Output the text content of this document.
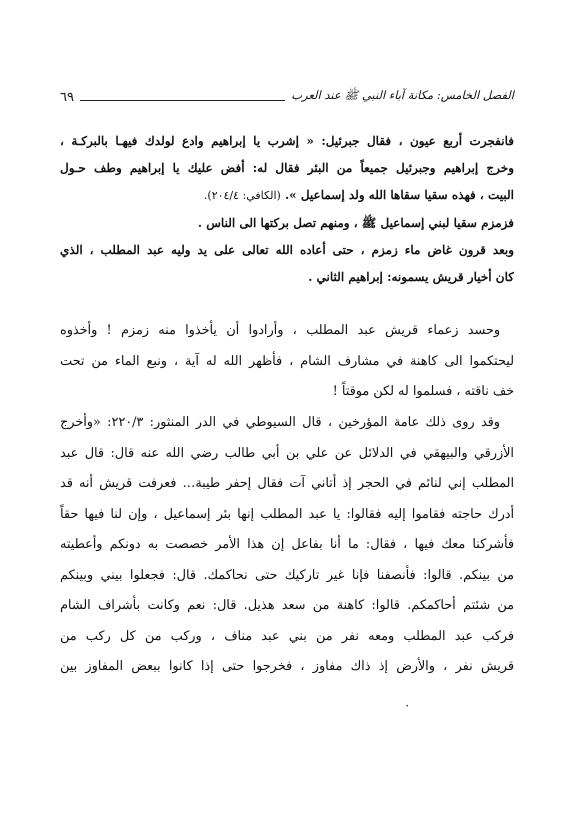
الفصل الخامس: مكانة آباء النبي ﷺ عند العرب
٦٩
فانفجرت أربع عيون ، فقال جبرئيل: « إشرب يا إبراهيم وادع لولدك فيهـا بالبركـة ،
وخرج إبراهيم وجبرئيل جميعاً من البئر فقال له: أفض عليك يا إبراهيم وطف حـول
البيت ، فهذه سقيا سقاها الله ولد إسماعيل ». (الكافي: ٢٠٤/٤).
فزمزم سقيا لبني إسماعيل ﷺ ، ومنهم تصل بركتها الى الناس .
وبعد قرون غاض ماء زمزم ، حتى أعاده الله تعالى على يد وليه عبد المطلب ، الذي
كان أخيار قريش يسمونه: إبراهيم الثاني .
وحسد زعماء قريش عبد المطلب ، وأرادوا أن يأخذوا منه زمزم ! وأخذوه
ليحتكموا الى كاهنة في مشارف الشام ، فأظهر الله له آية ، ونبع الماء من تحت
خف ناقته ، فسلموا له لكن موقتاً !
وقد روى ذلك عامة المؤرخين ، قال السيوطي في الدر المنثور: ٢٢٠/٣: «وأخرج
الأزرقي والبيهقي في الدلائل عن علي بن أبي طالب رضي الله عنه قال: قال عبد
المطلب إني لنائم في الحجر إذ أتاني آت فقال إحفر طيبة… فعرفت قريش أنه قد
أدرك حاجته فقاموا إليه فقالوا: يا عبد المطلب إنها بئر إسماعيل ، وإن لنا فيها حقاً
فأشركنا معك فيها ، فقال: ما أنا بفاعل إن هذا الأمر خصصت به دونكم وأعطيته
من بينكم. قالوا: فأنصفنا فإنا غير تاركيك حتى نحاكمك. قال: فجعلوا بيني وبينكم
من شئتم أحاكمكم. قالوا: كاهنة من سعد هذيل. قال: نعم وكانت بأشراف الشام
فركب عبد المطلب ومعه نفر من بني عبد مناف ، وركب من كل ركب من
قريش نفر ، والأرض إذ ذاك مفاوز ، فخرجوا حتى إذا كانوا ببعض المفاوز بين
٠
